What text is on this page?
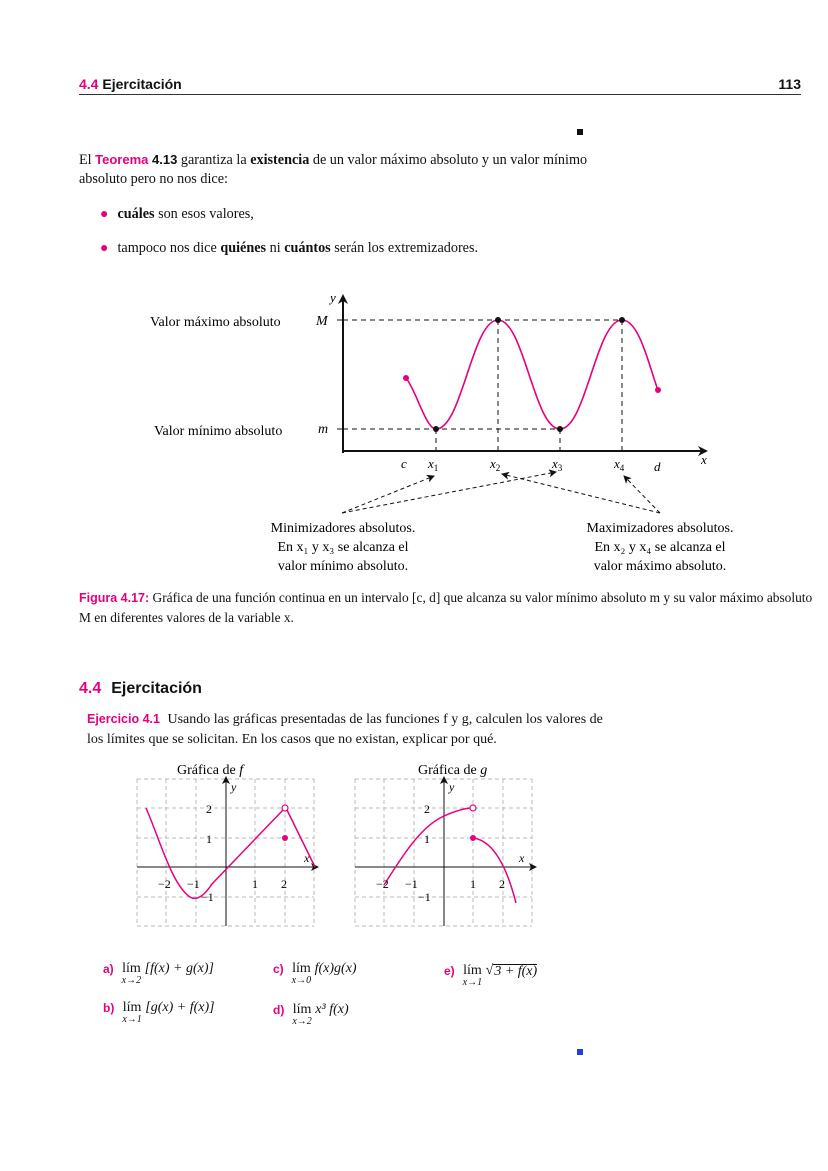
4.4 Ejercitación	113

El Teorema 4.13 garantiza la existencia de un valor máximo absoluto y un valor mínimo absoluto pero no nos dice:

● cuáles son esos valores,
● tampoco nos dice quiénes ni cuántos serán los extremizadores.
Valor máximo absoluto
Valor mínimo absoluto
M
m
y
x
c	d
$x_1$	$x_2$	$x_3$	$x_4$
Minimizadores absolutos.
En x₁ y x₃ se alcanza el
valor mínimo absoluto.
Maximizadores absolutos.
En x₂ y x₄ se alcanza el
valor máximo absoluto.

Figura 4.17: Gráfica de una función continua en un intervalo [c, d] que alcanza su valor mínimo absoluto m y su valor máximo absoluto M en diferentes valores de la variable x.

4.4 Ejercitación

Ejercicio 4.1 Usando las gráficas presentadas de las funciones f y g, calculen los valores de los límites que se solicitan. En los casos que no existan, explicar por qué.

Gráfica de f
y
x
2
1
−1
−2 −1	1 2
Gráfica de g
y
x
2
1
−1
−2 −1	1 2
a) lím
x→2
[f(x) + g(x)]
b) lím
x→1
[g(x) + f(x)]
c) lím
x→0
f(x)g(x)
d) lím
x→2
x³ f(x)
e) lím
x→1
√3 + f(x)
